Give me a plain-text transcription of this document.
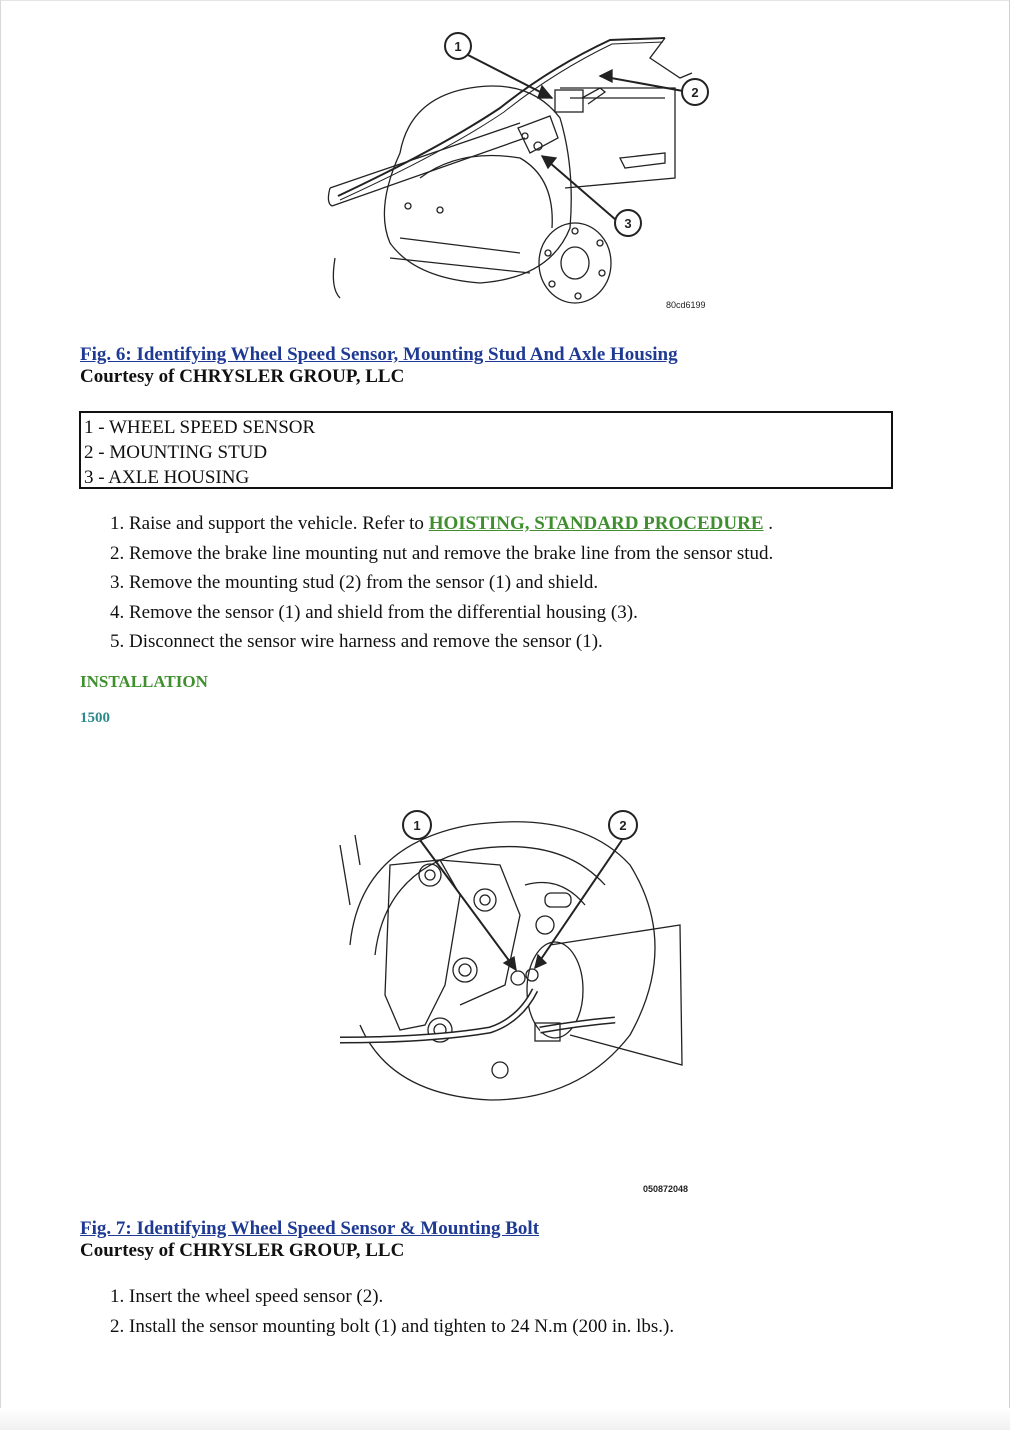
1
2
3
80cd6199
Fig. 6: Identifying Wheel Speed Sensor, Mounting Stud And Axle Housing
Courtesy of CHRYSLER GROUP, LLC
1 - WHEEL SPEED SENSOR
2 - MOUNTING STUD
3 - AXLE HOUSING
1. Raise and support the vehicle. Refer to HOISTING, STANDARD PROCEDURE .
2. Remove the brake line mounting nut and remove the brake line from the sensor stud.
3. Remove the mounting stud (2) from the sensor (1) and shield.
4. Remove the sensor (1) and shield from the differential housing (3).
5. Disconnect the sensor wire harness and remove the sensor (1).
INSTALLATION
1500
1	2
050872048
Fig. 7: Identifying Wheel Speed Sensor & Mounting Bolt
Courtesy of CHRYSLER GROUP, LLC
1. Insert the wheel speed sensor (2).
2. Install the sensor mounting bolt (1) and tighten to 24 N.m (200 in. lbs.).
